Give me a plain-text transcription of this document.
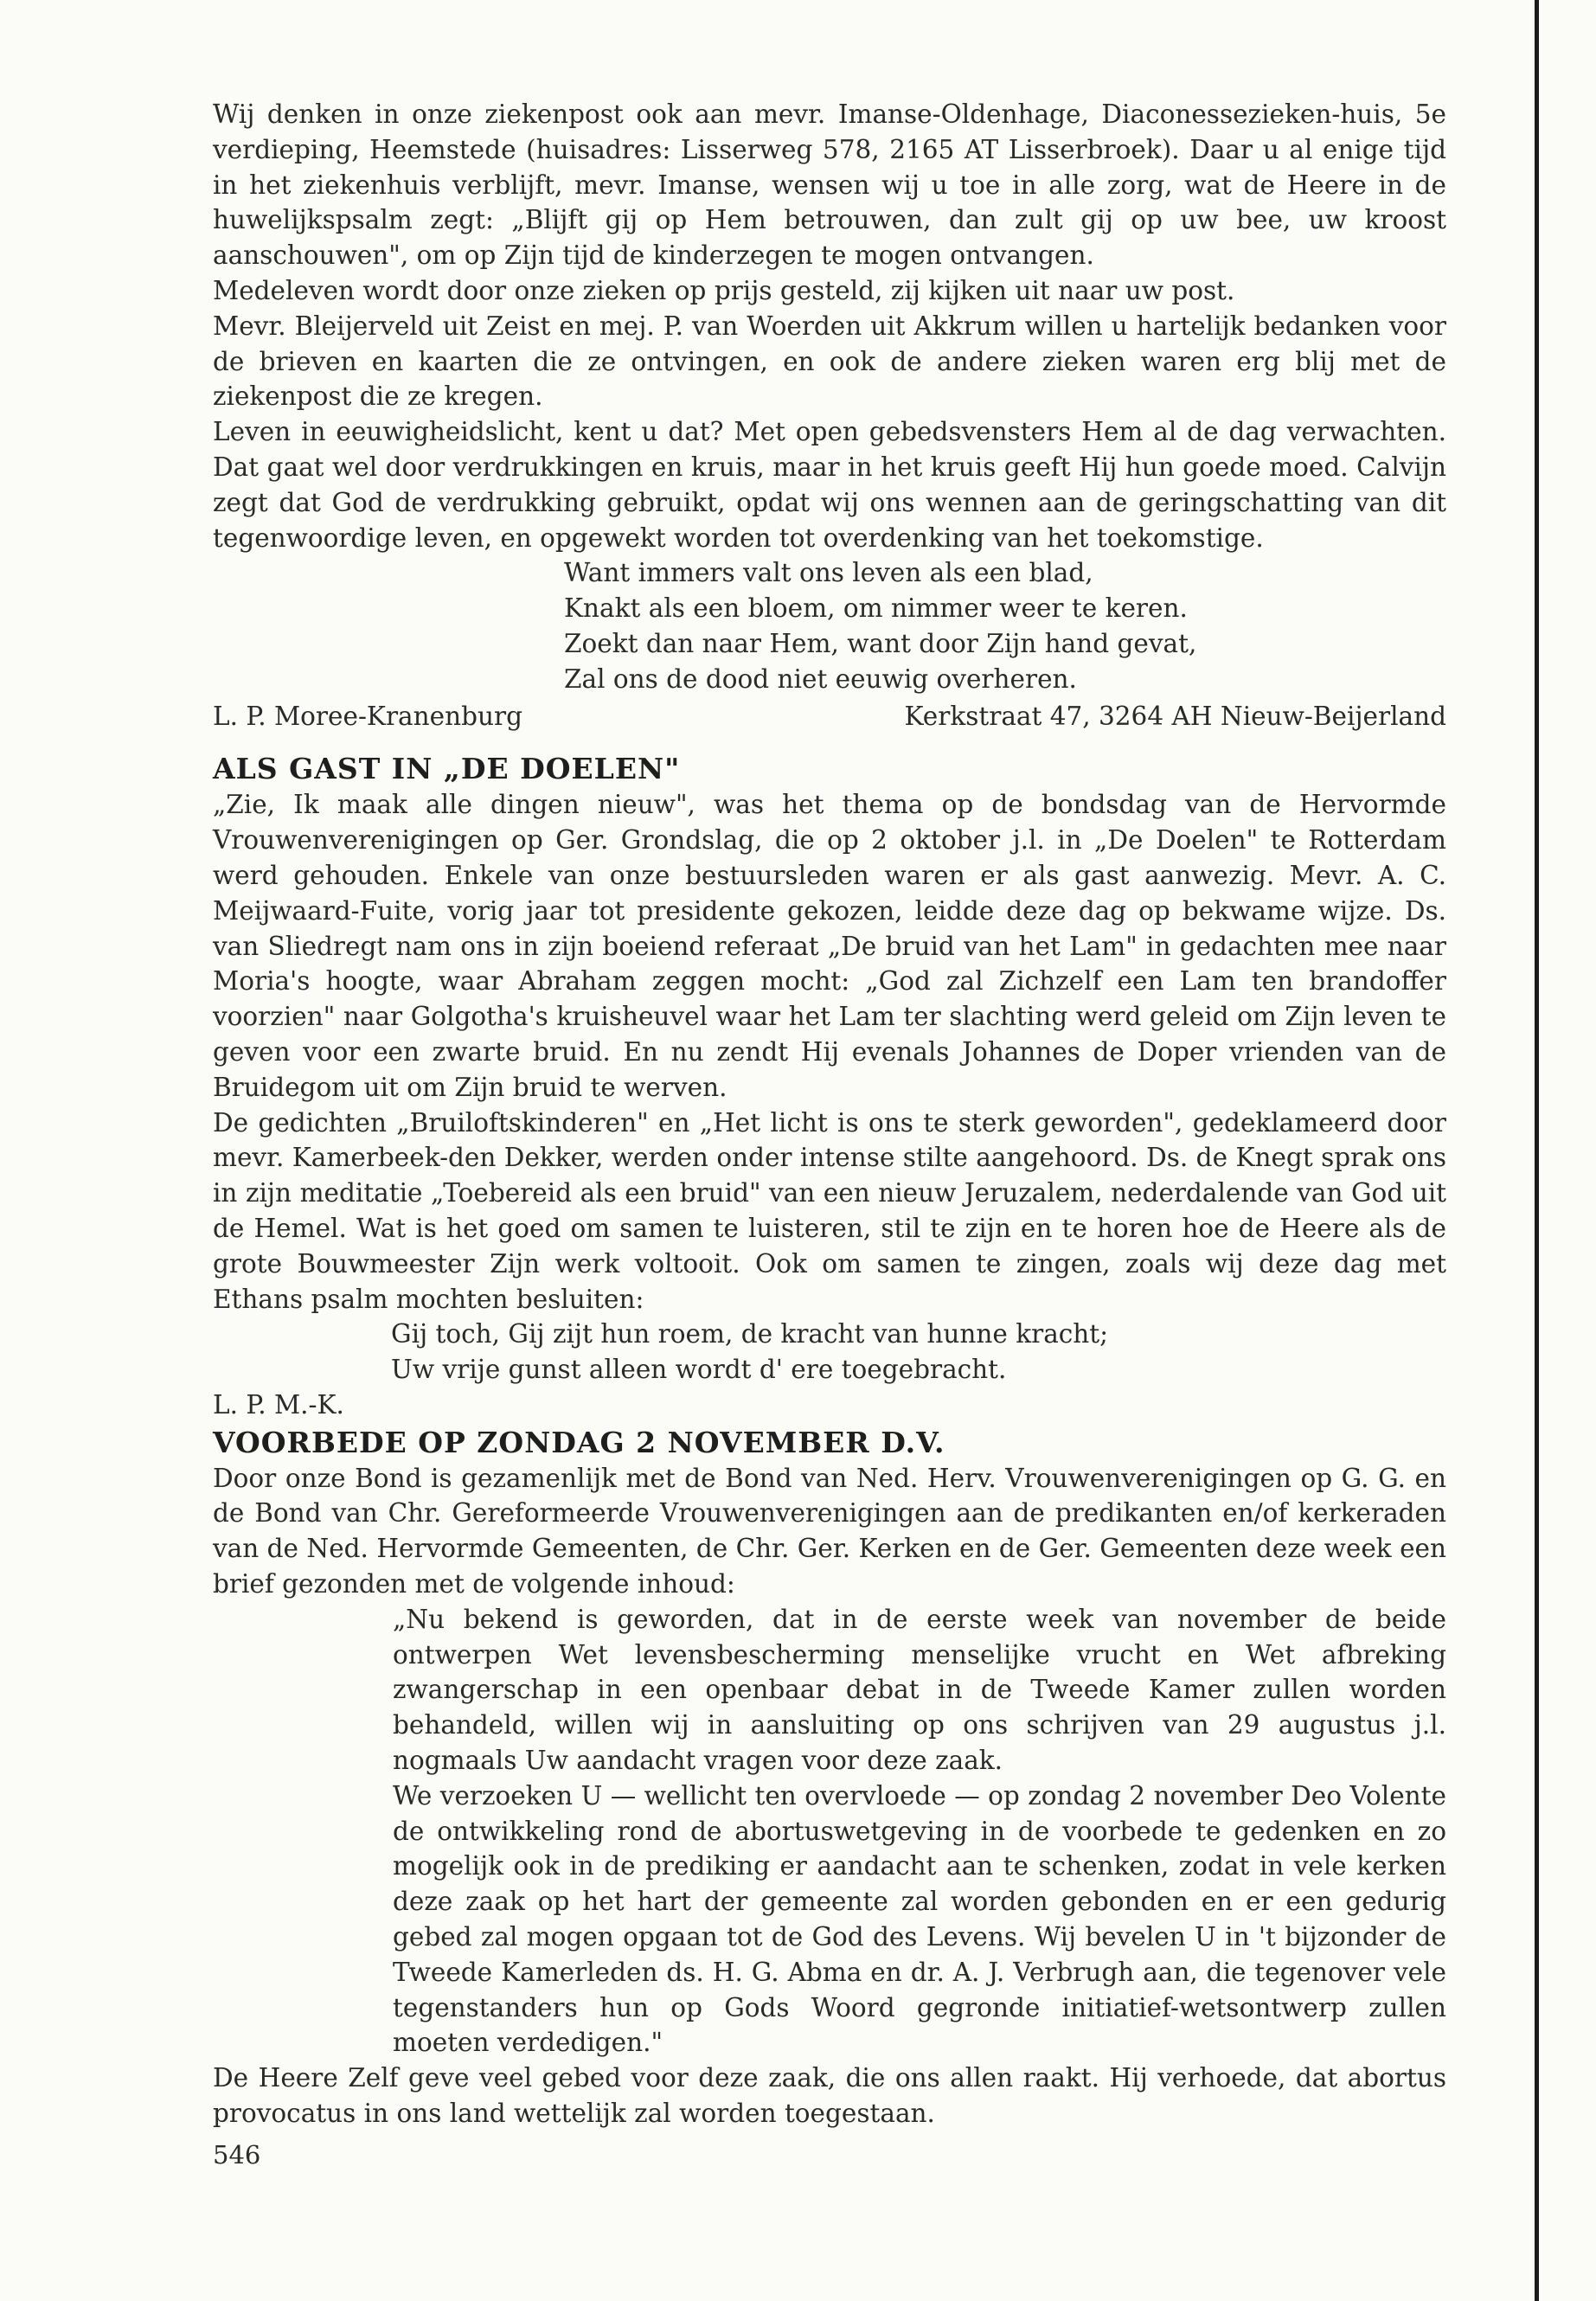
Wij denken in onze ziekenpost ook aan mevr. Imanse-Oldenhage, Diaconessezieken-huis, 5e verdieping, Heemstede (huisadres: Lisserweg 578, 2165 AT Lisserbroek). Daar u al enige tijd in het ziekenhuis verblijft, mevr. Imanse, wensen wij u toe in alle zorg, wat de Heere in de huwelijkspsalm zegt: „Blijft gij op Hem betrouwen, dan zult gij op uw bee, uw kroost aanschouwen", om op Zijn tijd de kinderzegen te mogen ontvangen.

Medeleven wordt door onze zieken op prijs gesteld, zij kijken uit naar uw post.

Mevr. Bleijerveld uit Zeist en mej. P. van Woerden uit Akkrum willen u hartelijk bedanken voor de brieven en kaarten die ze ontvingen, en ook de andere zieken waren erg blij met de ziekenpost die ze kregen.

Leven in eeuwigheidslicht, kent u dat? Met open gebedsvensters Hem al de dag verwachten. Dat gaat wel door verdrukkingen en kruis, maar in het kruis geeft Hij hun goede moed. Calvijn zegt dat God de verdrukking gebruikt, opdat wij ons wennen aan de geringschatting van dit tegenwoordige leven, en opgewekt worden tot overdenking van het toekomstige.

Want immers valt ons leven als een blad,
Knakt als een bloem, om nimmer weer te keren.
Zoekt dan naar Hem, want door Zijn hand gevat,
Zal ons de dood niet eeuwig overheren.
L. P. Moree-Kranenburg	Kerkstraat 47, 3264 AH Nieuw-Beijerland
ALS GAST IN „DE DOELEN"

„Zie, Ik maak alle dingen nieuw", was het thema op de bondsdag van de Hervormde Vrouwenverenigingen op Ger. Grondslag, die op 2 oktober j.l. in „De Doelen" te Rotterdam werd gehouden. Enkele van onze bestuursleden waren er als gast aanwezig. Mevr. A. C. Meijwaard-Fuite, vorig jaar tot presidente gekozen, leidde deze dag op bekwame wijze. Ds. van Sliedregt nam ons in zijn boeiend referaat „De bruid van het Lam" in gedachten mee naar Moria's hoogte, waar Abraham zeggen mocht: „God zal Zichzelf een Lam ten brandoffer voorzien" naar Golgotha's kruisheuvel waar het Lam ter slachting werd geleid om Zijn leven te geven voor een zwarte bruid. En nu zendt Hij evenals Johannes de Doper vrienden van de Bruidegom uit om Zijn bruid te werven.

De gedichten „Bruiloftskinderen" en „Het licht is ons te sterk geworden", gedeklameerd door mevr. Kamerbeek-den Dekker, werden onder intense stilte aangehoord. Ds. de Knegt sprak ons in zijn meditatie „Toebereid als een bruid" van een nieuw Jeruzalem, nederdalende van God uit de Hemel. Wat is het goed om samen te luisteren, stil te zijn en te horen hoe de Heere als de grote Bouwmeester Zijn werk voltooit. Ook om samen te zingen, zoals wij deze dag met Ethans psalm mochten besluiten:

Gij toch, Gij zijt hun roem, de kracht van hunne kracht;
Uw vrije gunst alleen wordt d' ere toegebracht.

L. P. M.-K.

VOORBEDE OP ZONDAG 2 NOVEMBER D.V.

Door onze Bond is gezamenlijk met de Bond van Ned. Herv. Vrouwenverenigingen op G. G. en de Bond van Chr. Gereformeerde Vrouwenverenigingen aan de predikanten en/of kerkeraden van de Ned. Hervormde Gemeenten, de Chr. Ger. Kerken en de Ger. Gemeenten deze week een brief gezonden met de volgende inhoud:

„Nu bekend is geworden, dat in de eerste week van november de beide ontwerpen Wet levensbescherming menselijke vrucht en Wet afbreking zwangerschap in een openbaar debat in de Tweede Kamer zullen worden behandeld, willen wij in aansluiting op ons schrijven van 29 augustus j.l. nogmaals Uw aandacht vragen voor deze zaak.

We verzoeken U — wellicht ten overvloede — op zondag 2 november Deo Volente de ontwikkeling rond de abortuswetgeving in de voorbede te gedenken en zo mogelijk ook in de prediking er aandacht aan te schenken, zodat in vele kerken deze zaak op het hart der gemeente zal worden gebonden en er een gedurig gebed zal mogen opgaan tot de God des Levens. Wij bevelen U in 't bijzonder de Tweede Kamerleden ds. H. G. Abma en dr. A. J. Verbrugh aan, die tegenover vele tegenstanders hun op Gods Woord gegronde initiatief-wetsontwerp zullen moeten verdedigen."

De Heere Zelf geve veel gebed voor deze zaak, die ons allen raakt. Hij verhoede, dat abortus provocatus in ons land wettelijk zal worden toegestaan.

546
